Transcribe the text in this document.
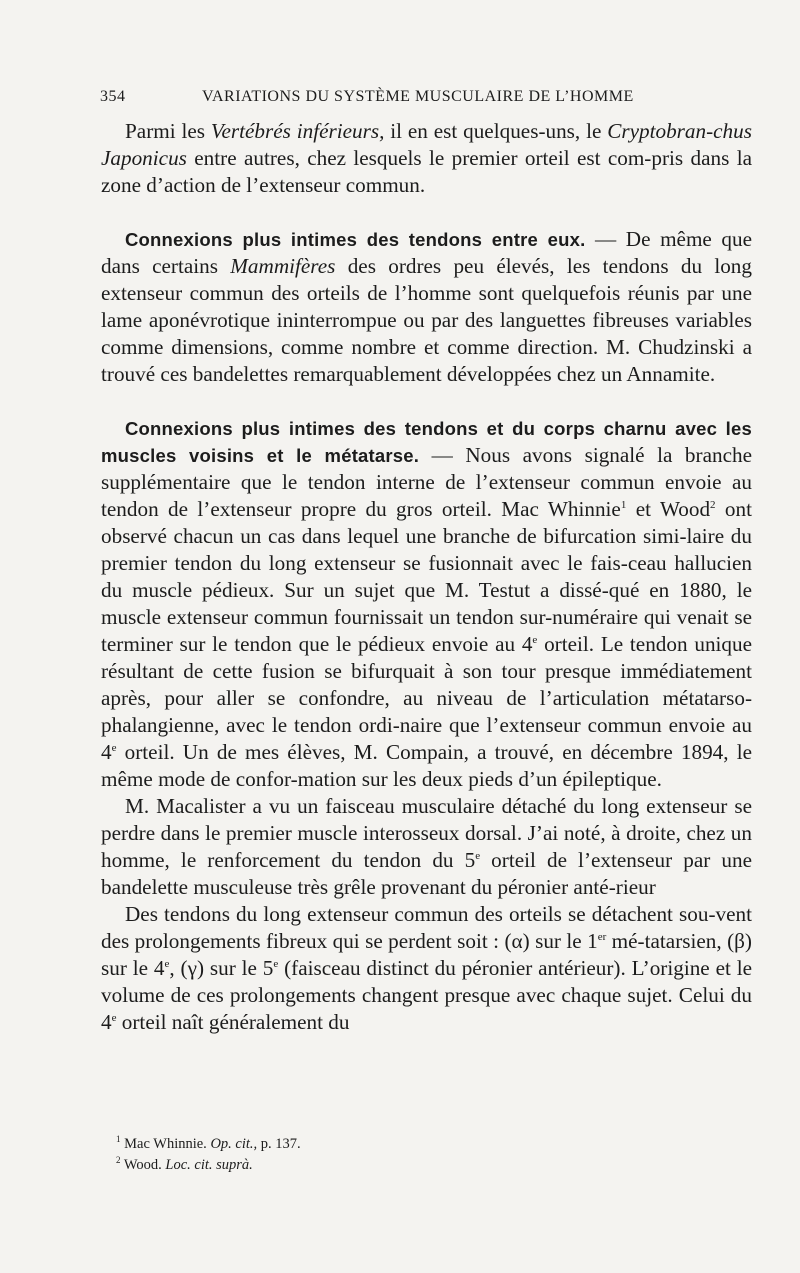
354	VARIATIONS DU SYSTÈME MUSCULAIRE DE L’HOMME

Parmi les Vertébrés inférieurs, il en est quelques-uns, le Cryptobran-chus Japonicus entre autres, chez lesquels le premier orteil est com-pris dans la zone d’action de l’extenseur commun.

Connexions plus intimes des tendons entre eux. — De même que dans certains Mammifères des ordres peu élevés, les tendons du long extenseur commun des orteils de l’homme sont quelquefois réunis par une lame aponévrotique ininterrompue ou par des languettes fibreuses variables comme dimensions, comme nombre et comme direction. M. Chudzinski a trouvé ces bandelettes remarquablement développées chez un Annamite.

Connexions plus intimes des tendons et du corps charnu avec les muscles voisins et le métatarse. — Nous avons signalé la branche supplémentaire que le tendon interne de l’extenseur commun envoie au tendon de l’extenseur propre du gros orteil. Mac Whinnie$^1$ et Wood$^2$ ont observé chacun un cas dans lequel une branche de bifurcation simi-laire du premier tendon du long extenseur se fusionnait avec le fais-ceau hallucien du muscle pédieux. Sur un sujet que M. Testut a dissé-qué en 1880, le muscle extenseur commun fournissait un tendon sur-numéraire qui venait se terminer sur le tendon que le pédieux envoie au 4e orteil. Le tendon unique résultant de cette fusion se bifurquait à son tour presque immédiatement après, pour aller se confondre, au niveau de l’articulation métatarso-phalangienne, avec le tendon ordi-naire que l’extenseur commun envoie au 4e orteil. Un de mes élèves, M. Compain, a trouvé, en décembre 1894, le même mode de confor-mation sur les deux pieds d’un épileptique.

M. Macalister a vu un faisceau musculaire détaché du long extenseur se perdre dans le premier muscle interosseux dorsal. J’ai noté, à droite, chez un homme, le renforcement du tendon du 5e orteil de l’extenseur par une bandelette musculeuse très grêle provenant du péronier anté-rieur

Des tendons du long extenseur commun des orteils se détachent sou-vent des prolongements fibreux qui se perdent soit : (α) sur le 1er mé-tatarsien, (β) sur le 4e, (γ) sur le 5e (faisceau distinct du péronier antérieur). L’origine et le volume de ces prolongements changent presque avec chaque sujet. Celui du 4e orteil naît généralement du

$^1$ Mac Whinnie. Op. cit., p. 137.
$^2$ Wood. Loc. cit. suprà.
